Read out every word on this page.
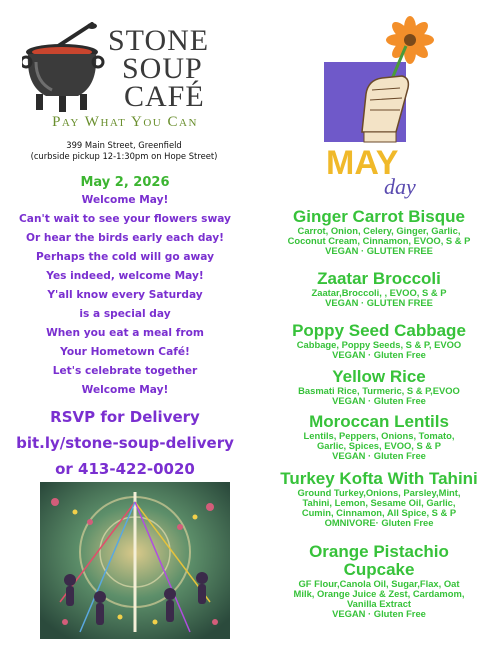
STONE
SOUP
CAFÉ
Pay What You Can
399 Main Street, Greenfield
(curbside pickup 12-1:30pm on Hope Street)
May 2, 2026
Welcome May!
Can't wait to see your flowers sway
Or hear the birds early each day!
Perhaps the cold will go away
Yes indeed, welcome May!
Y'all know every Saturday
is a special day
When you eat a meal from
Your Hometown Café!
Let's celebrate together
Welcome May!
RSVP for Delivery
bit.ly/stone-soup-delivery
or 413-422-0020
MAY
day
Ginger Carrot Bisque
Carrot, Onion, Celery, Ginger, Garlic,
Coconut Cream, Cinnamon, EVOO, S & P
VEGAN · GLUTEN FREE
Zaatar Broccoli
Zaatar,Broccoli, , EVOO, S & P
VEGAN · GLUTEN FREE
Poppy Seed Cabbage
Cabbage, Poppy Seeds, S & P, EVOO
VEGAN · Gluten Free
Yellow Rice
Basmati Rice, Turmeric, S & P,EVOO
VEGAN · Gluten Free
Moroccan Lentils
Lentils, Peppers, Onions, Tomato,
Garlic, Spices, EVOO, S & P
VEGAN · Gluten Free
Turkey Kofta With Tahini
Ground Turkey,Onions, Parsley,Mint,
Tahini, Lemon, Sesame Oil, Garlic,
Cumin, Cinnamon, All Spice, S & P
OMNIVORE· Gluten Free
Orange Pistachio
Cupcake
GF Flour,Canola Oil, Sugar,Flax, Oat
Milk, Orange Juice & Zest, Cardamom,
Vanilla Extract
VEGAN · Gluten Free
